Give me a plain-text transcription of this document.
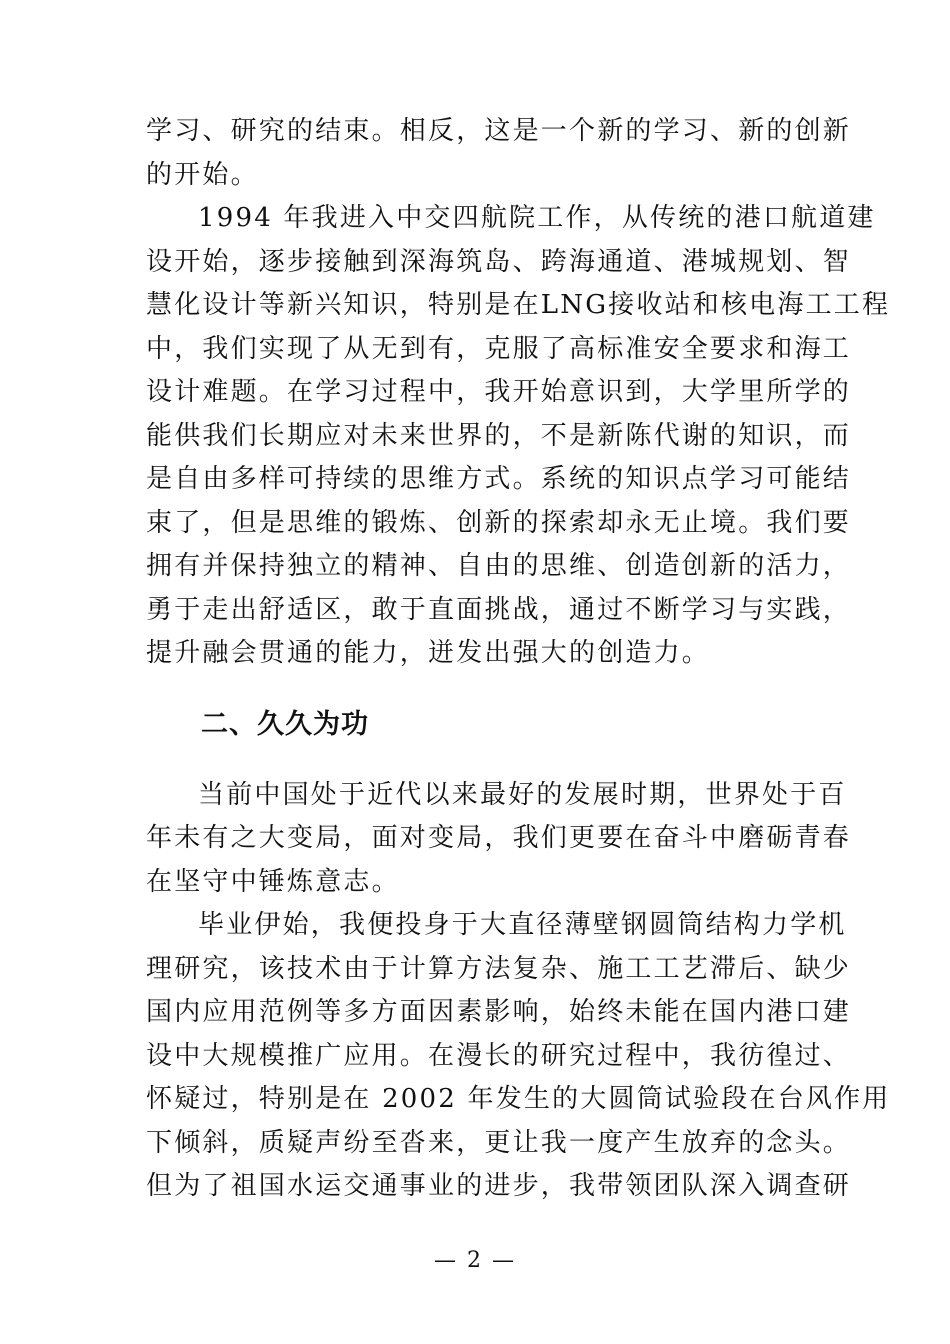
学习、研究的结束。相反，这是一个新的学习、新的创新

的开始。

1994 年我进入中交四航院工作，从传统的港口航道建

设开始，逐步接触到深海筑岛、跨海通道、港城规划、智

慧化设计等新兴知识，特别是在LNG接收站和核电海工工程

中，我们实现了从无到有，克服了高标准安全要求和海工

设计难题。在学习过程中，我开始意识到，大学里所学的

能供我们长期应对未来世界的，不是新陈代谢的知识，而

是自由多样可持续的思维方式。系统的知识点学习可能结

束了，但是思维的锻炼、创新的探索却永无止境。我们要

拥有并保持独立的精神、自由的思维、创造创新的活力，

勇于走出舒适区，敢于直面挑战，通过不断学习与实践，

提升融会贯通的能力，迸发出强大的创造力。

二、久久为功

当前中国处于近代以来最好的发展时期，世界处于百

年未有之大变局，面对变局，我们更要在奋斗中磨砺青春

在坚守中锤炼意志。

毕业伊始，我便投身于大直径薄壁钢圆筒结构力学机

理研究，该技术由于计算方法复杂、施工工艺滞后、缺少

国内应用范例等多方面因素影响，始终未能在国内港口建

设中大规模推广应用。在漫长的研究过程中，我彷徨过、

怀疑过，特别是在 2002 年发生的大圆筒试验段在台风作用

下倾斜，质疑声纷至沓来，更让我一度产生放弃的念头。

但为了祖国水运交通事业的进步，我带领团队深入调查研

— 2 —
